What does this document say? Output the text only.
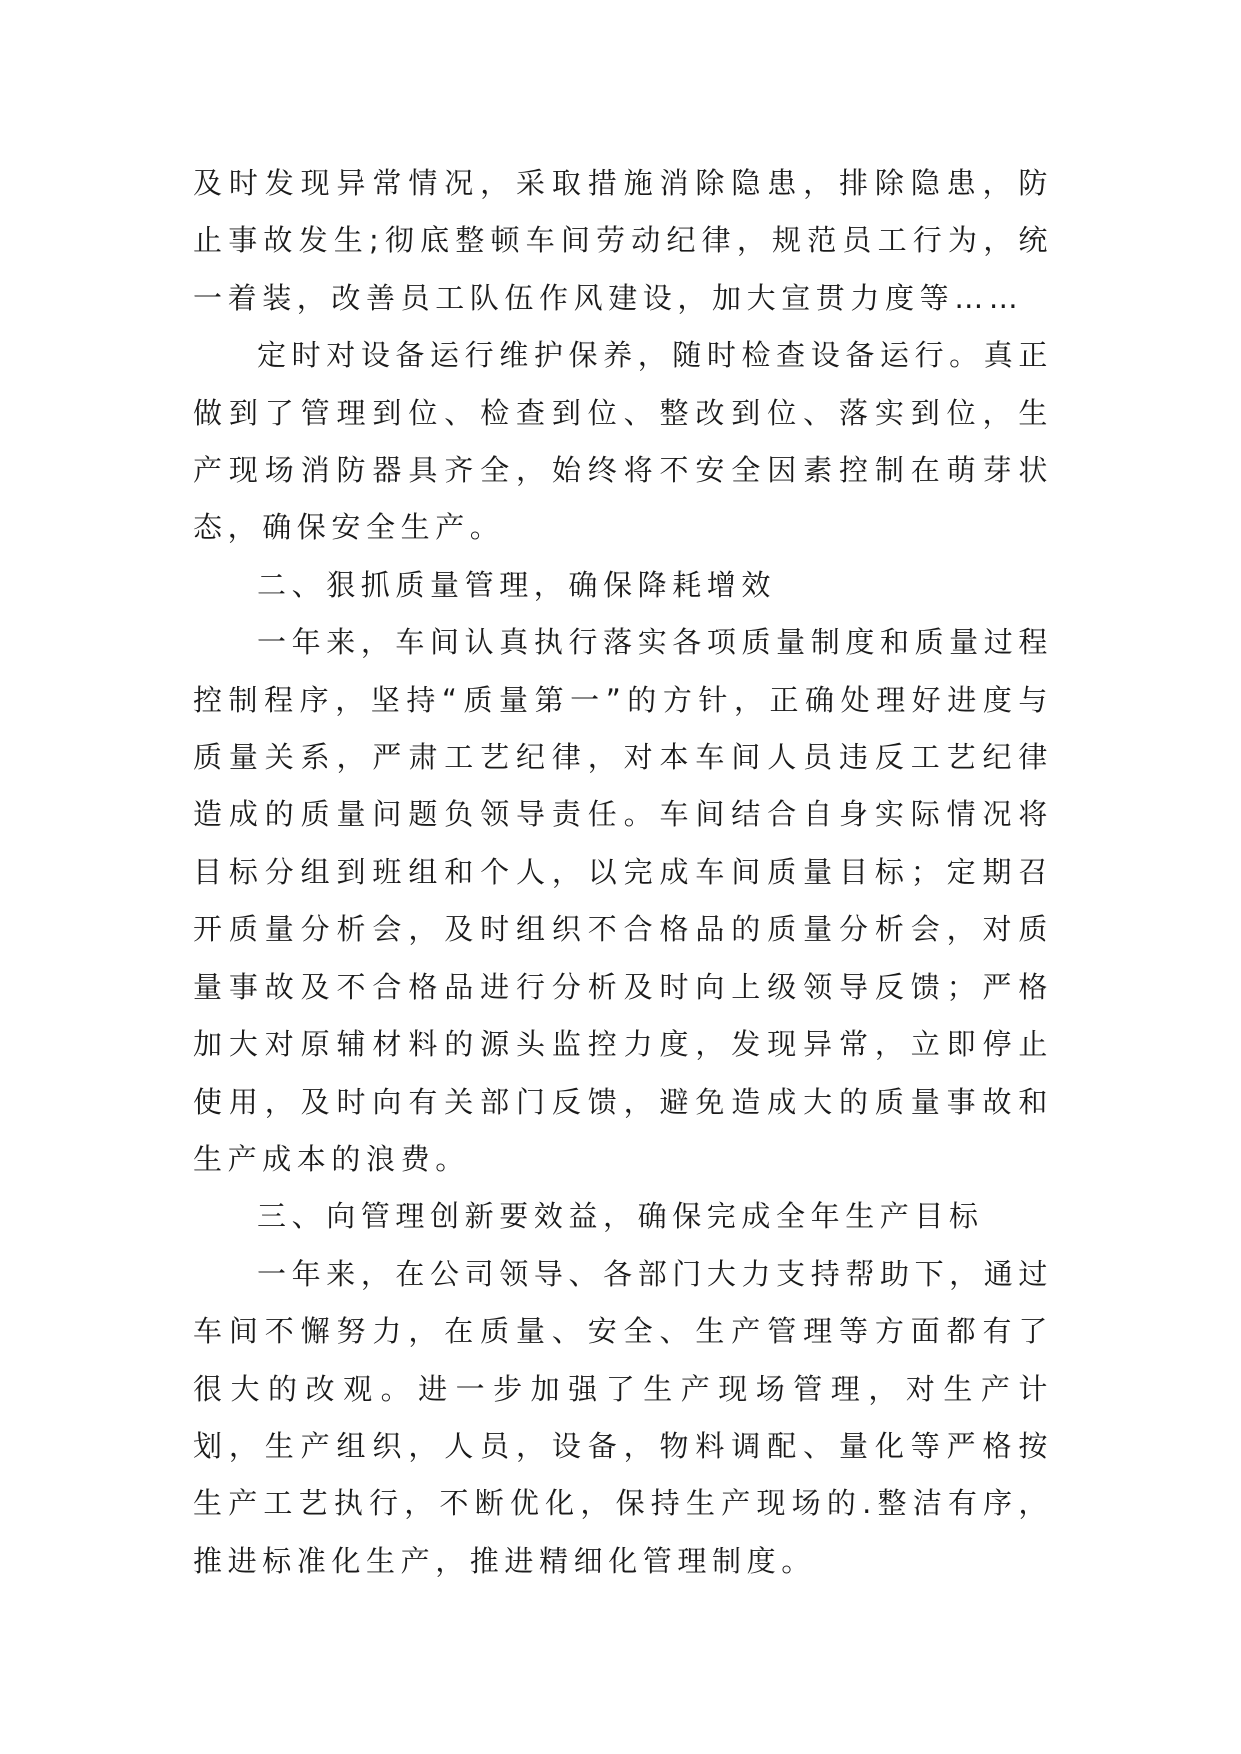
及时发现异常情况，采取措施消除隐患，排除隐患，防止事故发生;彻底整顿车间劳动纪律，规范员工行为，统一着装，改善员工队伍作风建设，加大宣贯力度等……

定时对设备运行维护保养，随时检查设备运行。真正做到了管理到位、检查到位、整改到位、落实到位，生产现场消防器具齐全，始终将不安全因素控制在萌芽状态，确保安全生产。

二、狠抓质量管理，确保降耗增效

一年来，车间认真执行落实各项质量制度和质量过程控制程序，坚持“质量第一”的方针，正确处理好进度与质量关系，严肃工艺纪律，对本车间人员违反工艺纪律造成的质量问题负领导责任。车间结合自身实际情况将目标分组到班组和个人，以完成车间质量目标；定期召开质量分析会，及时组织不合格品的质量分析会，对质量事故及不合格品进行分析及时向上级领导反馈；严格加大对原辅材料的源头监控力度，发现异常，立即停止使用，及时向有关部门反馈，避免造成大的质量事故和生产成本的浪费。

三、向管理创新要效益，确保完成全年生产目标

一年来，在公司领导、各部门大力支持帮助下，通过车间不懈努力，在质量、安全、生产管理等方面都有了很大的改观。进一步加强了生产现场管理，对生产计划，生产组织，人员，设备，物料调配、量化等严格按生产工艺执行，不断优化，保持生产现场的.整洁有序，推进标准化生产，推进精细化管理制度。
